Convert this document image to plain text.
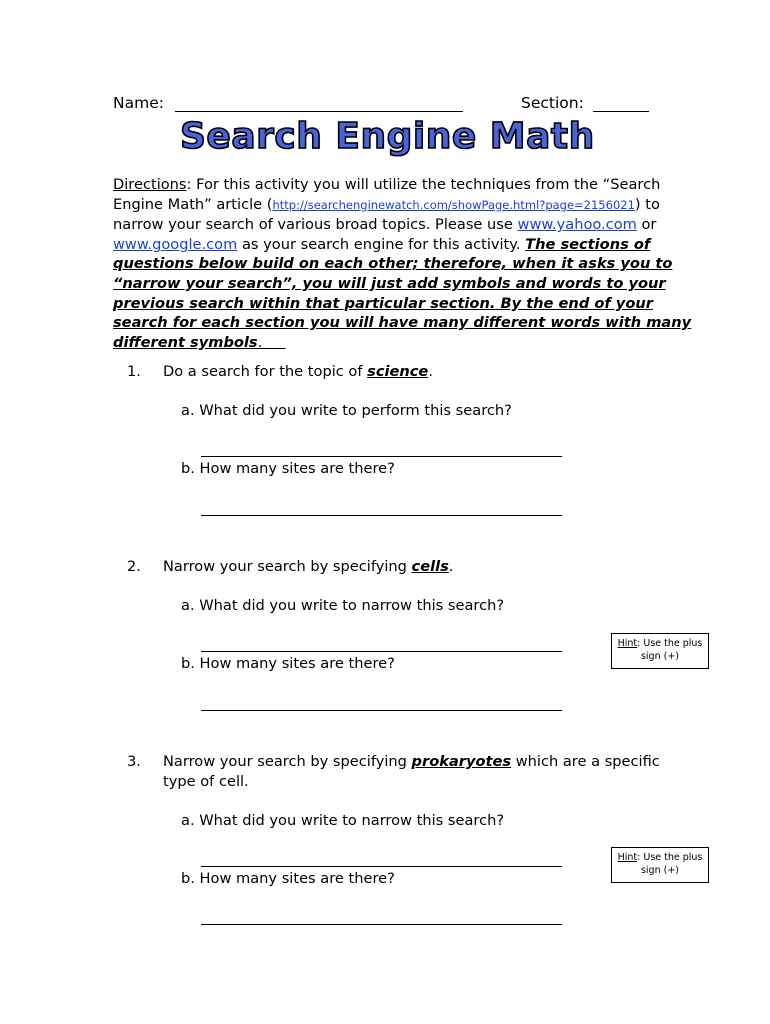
Name:	Section:
Search Engine Math
Directions: For this activity you will utilize the techniques from the “Search Engine Math” article (http://searchenginewatch.com/showPage.html?page=2156021) to narrow your search of various broad topics. Please use www.yahoo.com or www.google.com as your search engine for this activity. The sections of questions below build on each other; therefore, when it asks you to “narrow your search”, you will just add symbols and words to your previous search within that particular section. By the end of your search for each section you will have many different words with many different symbols.
1. Do a search for the topic of science.
a. What did you write to perform this search?
b. How many sites are there?
2. Narrow your search by specifying cells.
a. What did you write to narrow this search?
Hint: Use the plus sign (+)
b. How many sites are there?
3. Narrow your search by specifying prokaryotes which are a specific type of cell.
a. What did you write to narrow this search?
Hint: Use the plus sign (+)
b. How many sites are there?
